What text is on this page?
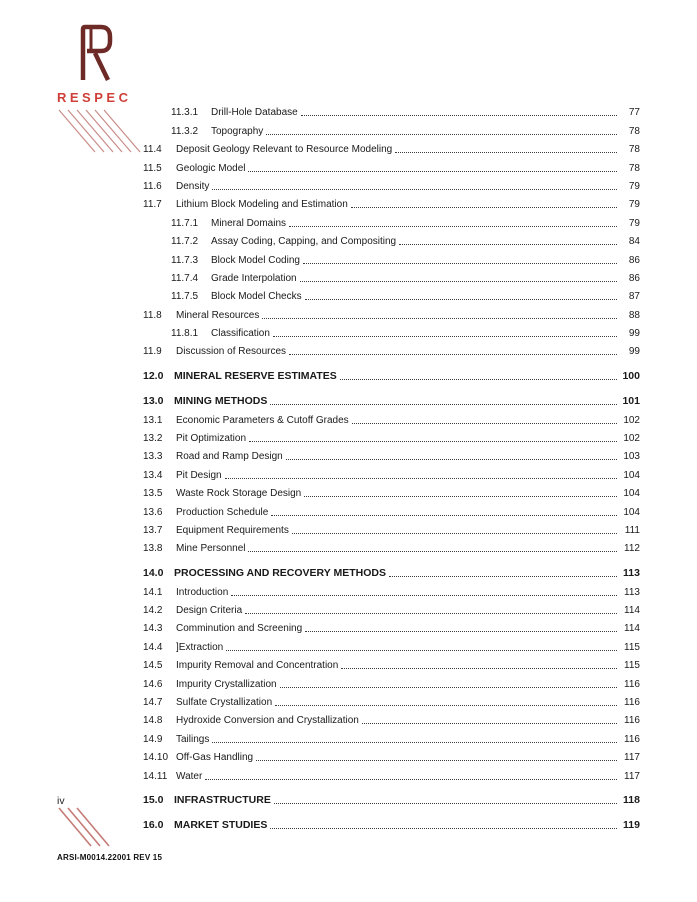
RESPEC
11.3.1	Drill-Hole Database	77
11.3.2	Topography	78
11.4	Deposit Geology Relevant to Resource Modeling	78
11.5	Geologic Model	78
11.6	Density	79
11.7	Lithium Block Modeling and Estimation	79
11.7.1	Mineral Domains	79
11.7.2	Assay Coding, Capping, and Compositing	84
11.7.3	Block Model Coding	86
11.7.4	Grade Interpolation	86
11.7.5	Block Model Checks	87
11.8	Mineral Resources	88
11.8.1	Classification	99
11.9	Discussion of Resources	99
12.0	MINERAL RESERVE ESTIMATES	100
13.0	MINING METHODS	101
13.1	Economic Parameters & Cutoff Grades	102
13.2	Pit Optimization	102
13.3	Road and Ramp Design	103
13.4	Pit Design	104
13.5	Waste Rock Storage Design	104
13.6	Production Schedule	104
13.7	Equipment Requirements	111
13.8	Mine Personnel	112
14.0	PROCESSING AND RECOVERY METHODS	113
14.1	Introduction	113
14.2	Design Criteria	114
14.3	Comminution and Screening	114
14.4	]Extraction	115
14.5	Impurity Removal and Concentration	115
14.6	Impurity Crystallization	116
14.7	Sulfate Crystallization	116
14.8	Hydroxide Conversion and Crystallization	116
14.9	Tailings	116
14.10 Off-Gas Handling	117
14.11 Water	117
15.0	INFRASTRUCTURE	118
16.0	MARKET STUDIES	119
iv
ARSI-M0014.22001 REV 15
